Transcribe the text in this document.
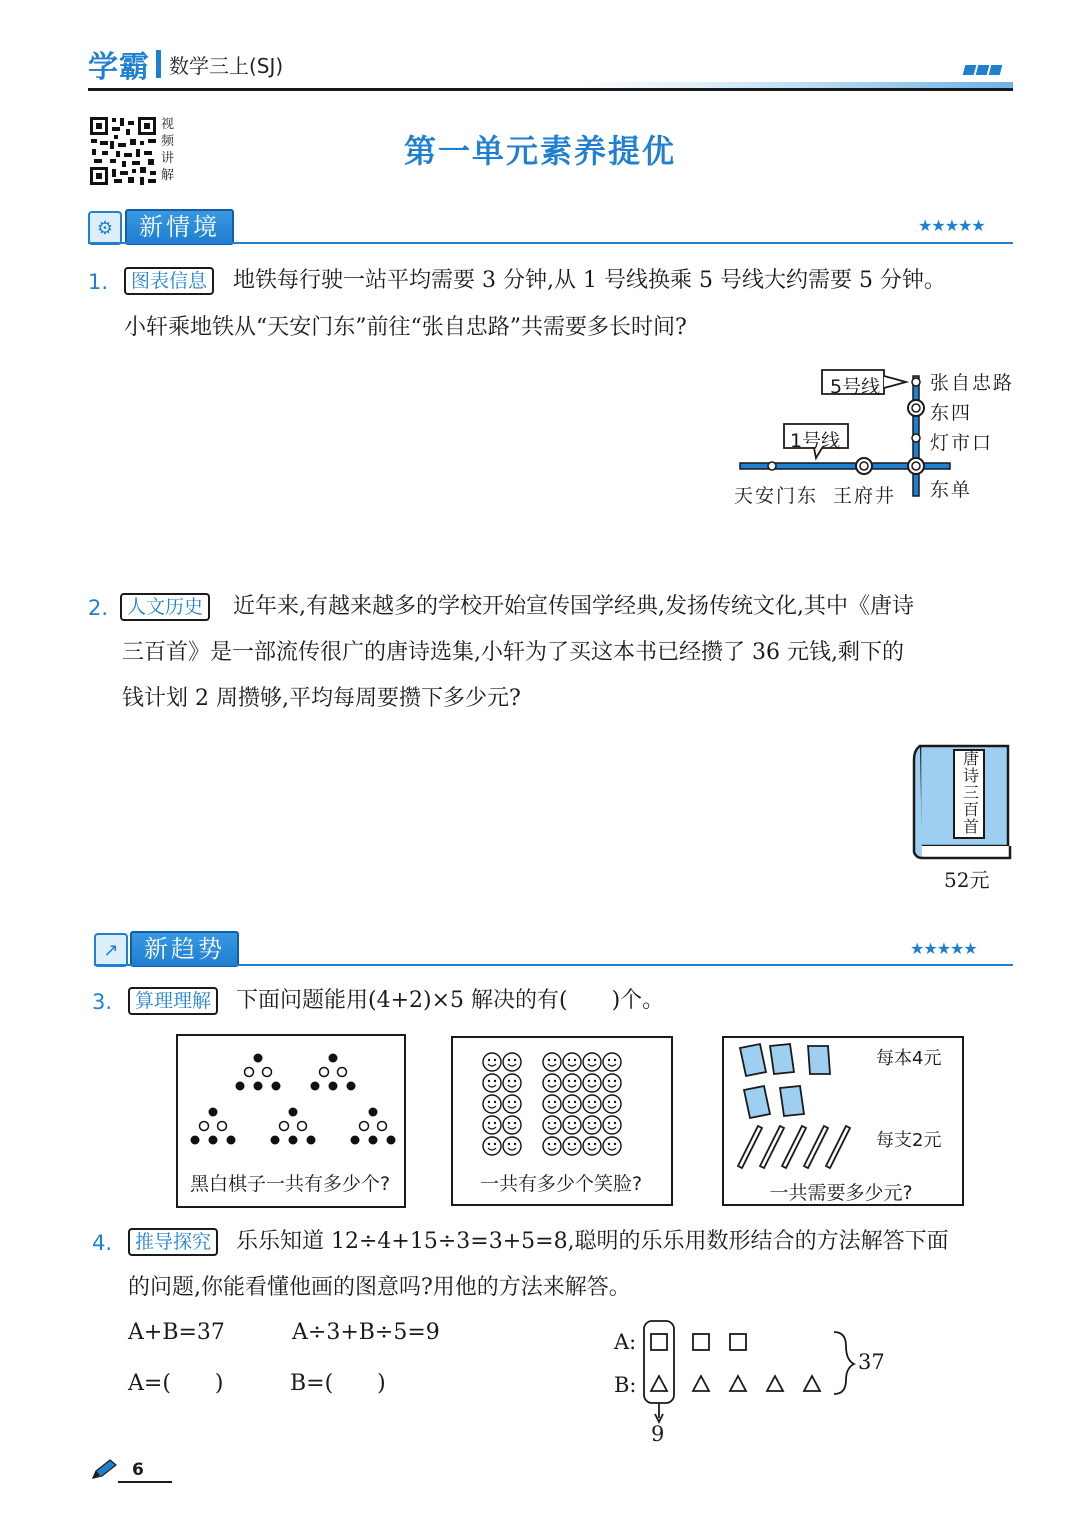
学霸 数学三上(SJ)
视
频
讲
解
第一单元素养提优
⚙	新情境	★★★★★
1.	图表信息	地铁每行驶一站平均需要 3 分钟,从 1 号线换乘 5 号线大约需要 5 分钟。
小轩乘地铁从“天安门东”前往“张自忠路”共需要多长时间?
5号线
1号线
张自忠路
东四
灯市口
东单
王府井
天安门东
2. 人文历史	近年来,有越来越多的学校开始宣传国学经典,发扬传统文化,其中《唐诗
三百首》是一部流传很广的唐诗选集,小轩为了买这本书已经攒了 36 元钱,剩下的
钱计划 2 周攒够,平均每周要攒下多少元?
唐
诗
三
百
首
52元
↗	新趋势	★★★★★
3.	算理理解	下面问题能用(4+2)×5 解决的有(　　)个。
黑白棋子一共有多少个?	一共有多少个笑脸?
每本4元
每支2元
一共需要多少元?
4.	推导探究	乐乐知道 12÷4+15÷3=3+5=8,聪明的乐乐用数形结合的方法解答下面
的问题,你能看懂他画的图意吗?用他的方法来解答。
A+B=37	A÷3+B÷5=9
A=(　　)	B=(　　)
A:
B:
37
9
6
